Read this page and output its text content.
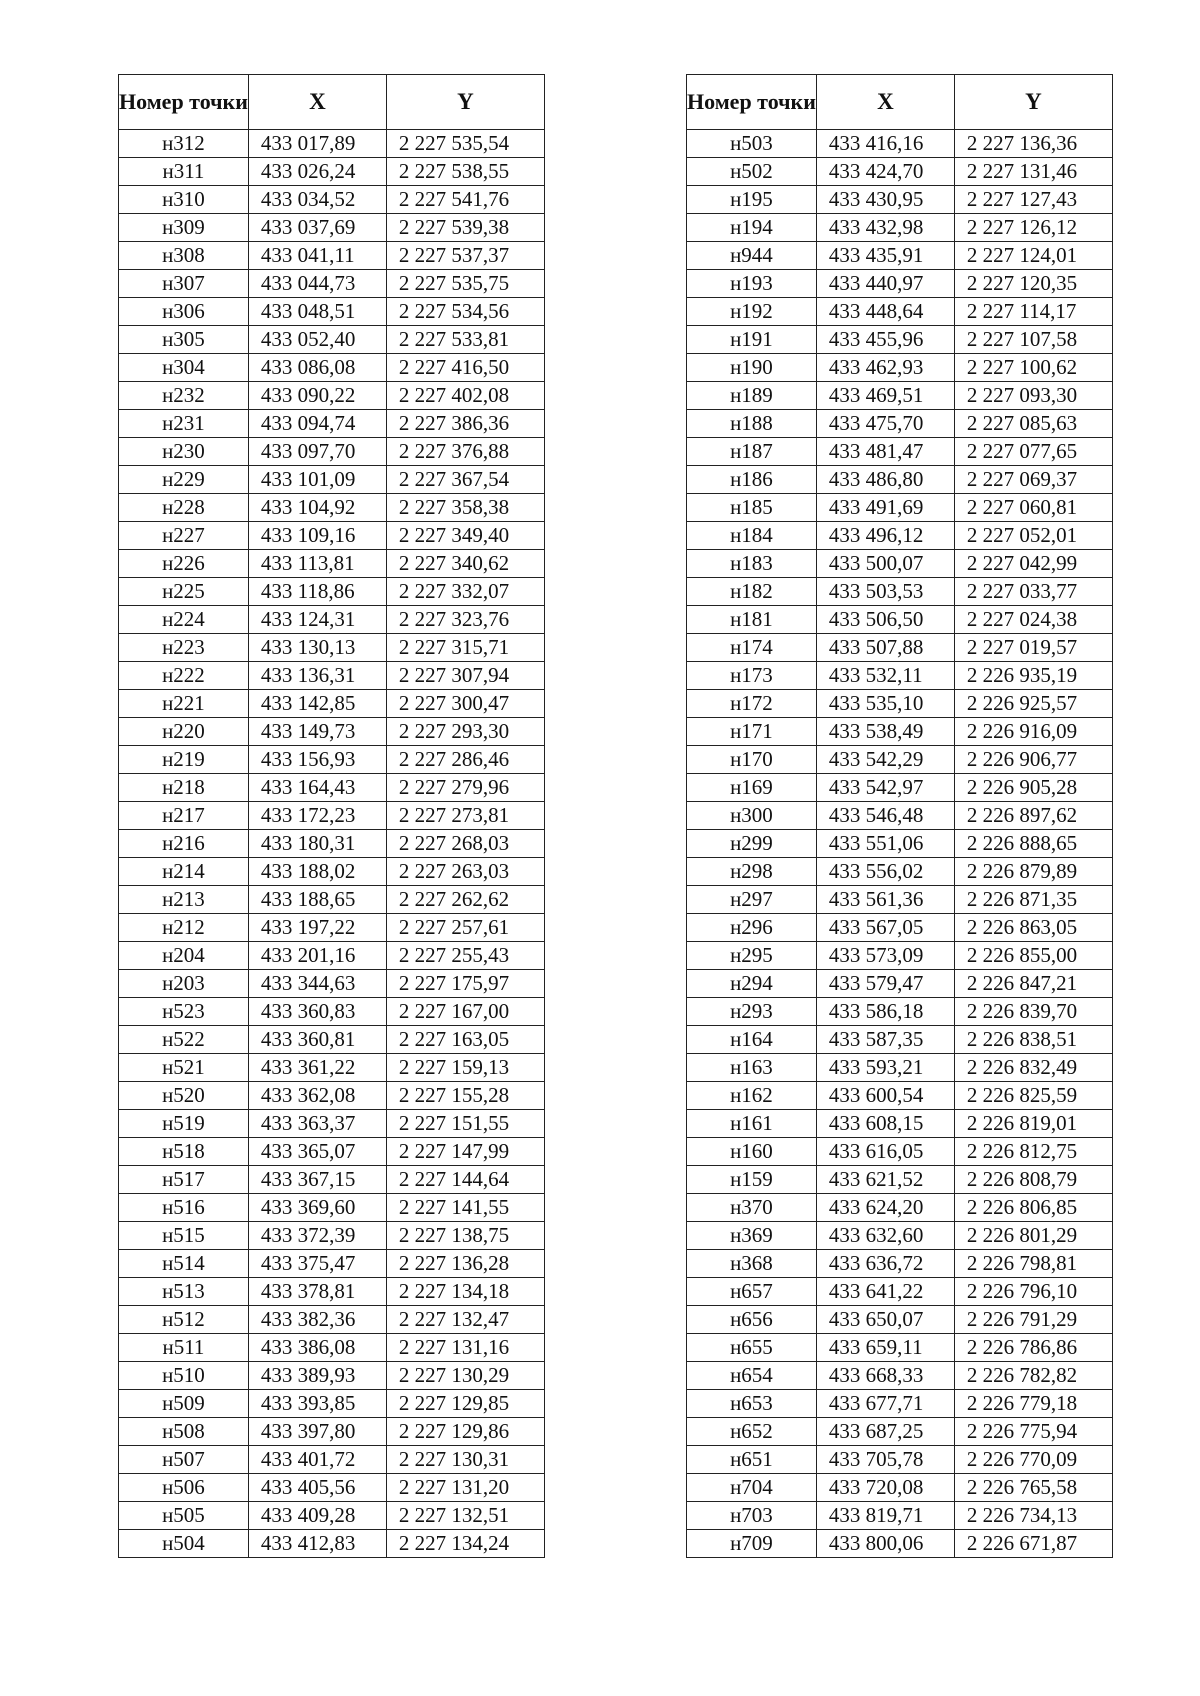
Номер точки	X	Y
н312	433 017,89	2 227 535,54
н311	433 026,24	2 227 538,55
н310	433 034,52	2 227 541,76
н309	433 037,69	2 227 539,38
н308	433 041,11	2 227 537,37
н307	433 044,73	2 227 535,75
н306	433 048,51	2 227 534,56
н305	433 052,40	2 227 533,81
н304	433 086,08	2 227 416,50
н232	433 090,22	2 227 402,08
н231	433 094,74	2 227 386,36
н230	433 097,70	2 227 376,88
н229	433 101,09	2 227 367,54
н228	433 104,92	2 227 358,38
н227	433 109,16	2 227 349,40
н226	433 113,81	2 227 340,62
н225	433 118,86	2 227 332,07
н224	433 124,31	2 227 323,76
н223	433 130,13	2 227 315,71
н222	433 136,31	2 227 307,94
н221	433 142,85	2 227 300,47
н220	433 149,73	2 227 293,30
н219	433 156,93	2 227 286,46
н218	433 164,43	2 227 279,96
н217	433 172,23	2 227 273,81
н216	433 180,31	2 227 268,03
н214	433 188,02	2 227 263,03
н213	433 188,65	2 227 262,62
н212	433 197,22	2 227 257,61
н204	433 201,16	2 227 255,43
н203	433 344,63	2 227 175,97
н523	433 360,83	2 227 167,00
н522	433 360,81	2 227 163,05
н521	433 361,22	2 227 159,13
н520	433 362,08	2 227 155,28
н519	433 363,37	2 227 151,55
н518	433 365,07	2 227 147,99
н517	433 367,15	2 227 144,64
н516	433 369,60	2 227 141,55
н515	433 372,39	2 227 138,75
н514	433 375,47	2 227 136,28
н513	433 378,81	2 227 134,18
н512	433 382,36	2 227 132,47
н511	433 386,08	2 227 131,16
н510	433 389,93	2 227 130,29
н509	433 393,85	2 227 129,85
н508	433 397,80	2 227 129,86
н507	433 401,72	2 227 130,31
н506	433 405,56	2 227 131,20
н505	433 409,28	2 227 132,51
н504	433 412,83	2 227 134,24
Номер точки	X	Y
н503	433 416,16	2 227 136,36
н502	433 424,70	2 227 131,46
н195	433 430,95	2 227 127,43
н194	433 432,98	2 227 126,12
н944	433 435,91	2 227 124,01
н193	433 440,97	2 227 120,35
н192	433 448,64	2 227 114,17
н191	433 455,96	2 227 107,58
н190	433 462,93	2 227 100,62
н189	433 469,51	2 227 093,30
н188	433 475,70	2 227 085,63
н187	433 481,47	2 227 077,65
н186	433 486,80	2 227 069,37
н185	433 491,69	2 227 060,81
н184	433 496,12	2 227 052,01
н183	433 500,07	2 227 042,99
н182	433 503,53	2 227 033,77
н181	433 506,50	2 227 024,38
н174	433 507,88	2 227 019,57
н173	433 532,11	2 226 935,19
н172	433 535,10	2 226 925,57
н171	433 538,49	2 226 916,09
н170	433 542,29	2 226 906,77
н169	433 542,97	2 226 905,28
н300	433 546,48	2 226 897,62
н299	433 551,06	2 226 888,65
н298	433 556,02	2 226 879,89
н297	433 561,36	2 226 871,35
н296	433 567,05	2 226 863,05
н295	433 573,09	2 226 855,00
н294	433 579,47	2 226 847,21
н293	433 586,18	2 226 839,70
н164	433 587,35	2 226 838,51
н163	433 593,21	2 226 832,49
н162	433 600,54	2 226 825,59
н161	433 608,15	2 226 819,01
н160	433 616,05	2 226 812,75
н159	433 621,52	2 226 808,79
н370	433 624,20	2 226 806,85
н369	433 632,60	2 226 801,29
н368	433 636,72	2 226 798,81
н657	433 641,22	2 226 796,10
н656	433 650,07	2 226 791,29
н655	433 659,11	2 226 786,86
н654	433 668,33	2 226 782,82
н653	433 677,71	2 226 779,18
н652	433 687,25	2 226 775,94
н651	433 705,78	2 226 770,09
н704	433 720,08	2 226 765,58
н703	433 819,71	2 226 734,13
н709	433 800,06	2 226 671,87
